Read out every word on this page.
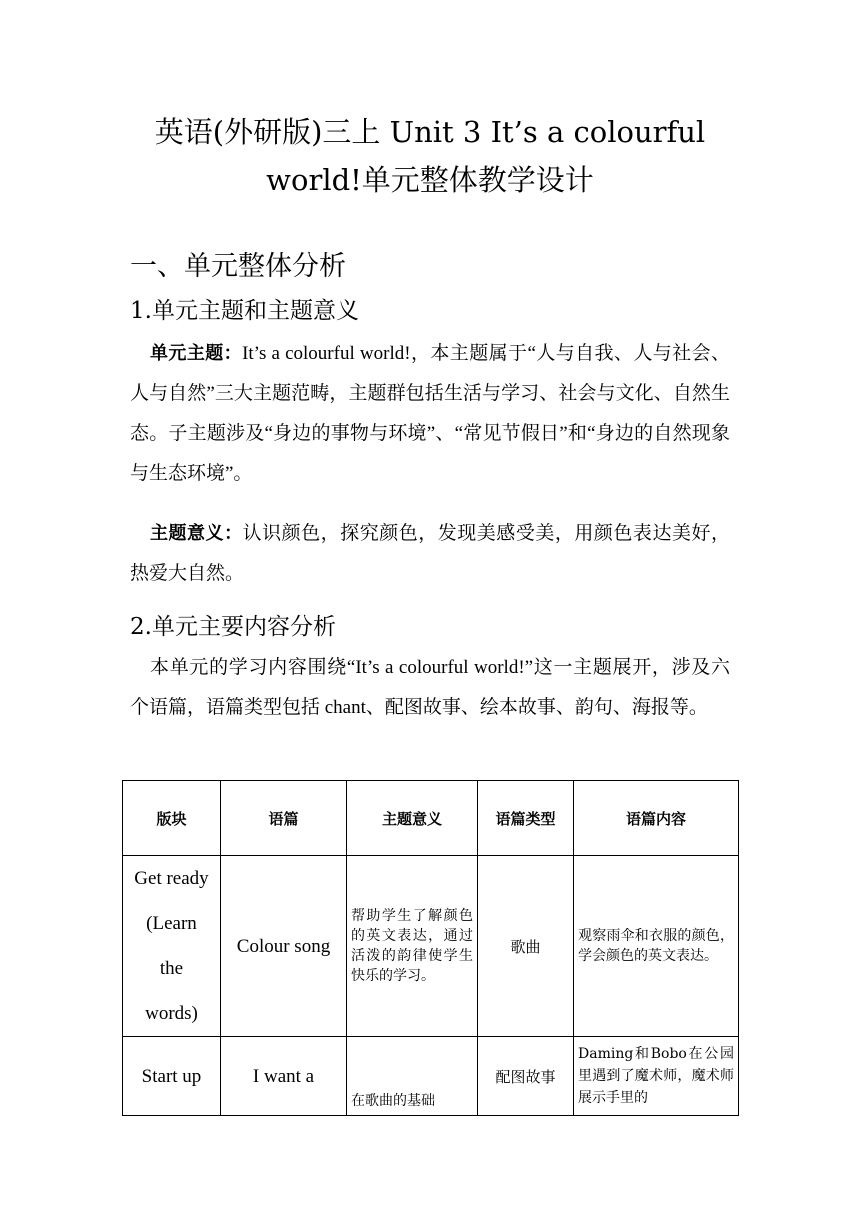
英语(外研版)三上 Unit 3 It’s a colourful
world!单元整体教学设计
一、单元整体分析
1.单元主题和主题意义

单元主题：It’s a colourful world!，本主题属于“人与自我、人与社会、人与自然”三大主题范畴，主题群包括生活与学习、社会与文化、自然生态。子主题涉及“身边的事物与环境”、“常见节假日”和“身边的自然现象与生态环境”。

主题意义：认识颜色，探究颜色，发现美感受美，用颜色表达美好，热爱大自然。

2.单元主要内容分析

本单元的学习内容围绕“It’s a colourful world!”这一主题展开，涉及六个语篇，语篇类型包括 chant、配图故事、绘本故事、韵句、海报等。

版块	语篇	主题意义	语篇类型	语篇内容
Get ready
(Learn
the
words)	Colour song	帮助学生了解颜色的英文表达，通过活泼的韵律使学生快乐的学习。	歌曲	观察雨伞和衣服的颜色，学会颜色的英文表达。
Start up	I want a	在歌曲的基础	配图故事	Daming和Bobo在公园里遇到了魔术师，魔术师展示手里的
